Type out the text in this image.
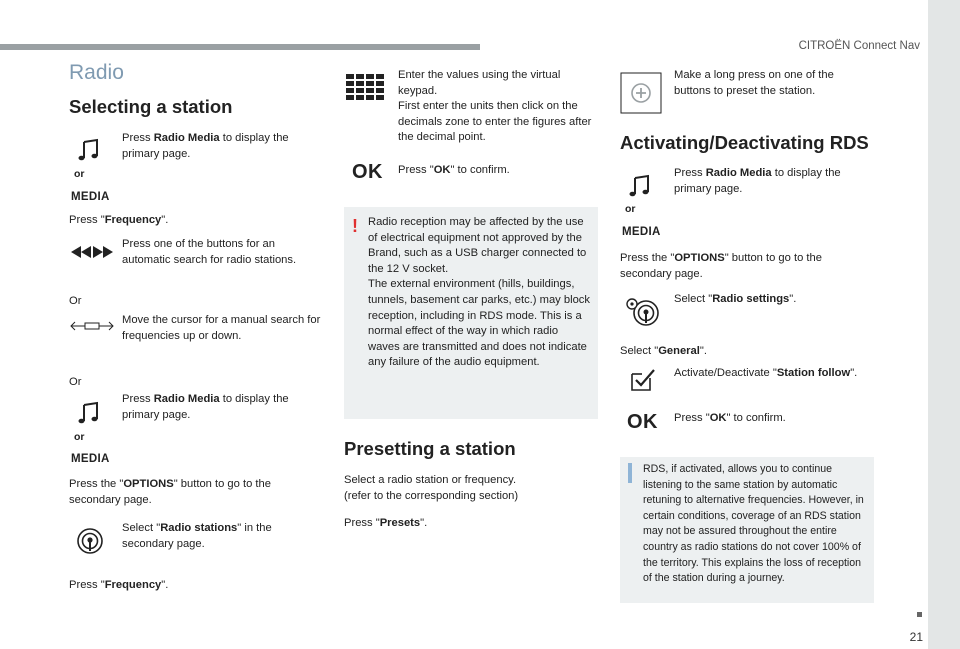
CITROËN Connect Nav
21
Radio
Selecting a station
or
MEDIA
Press Radio Media to display the primary page.
Press "Frequency".
Press one of the buttons for an automatic search for radio stations.
Or
Move the cursor for a manual search for frequencies up or down.
Or
or
MEDIA
Press Radio Media to display the primary page.
Press the "OPTIONS" button to go to the secondary page.
Select "Radio stations" in the secondary page.
Press "Frequency".
Enter the values using the virtual keypad.
First enter the units then click on the decimals zone to enter the figures after the decimal point.
OK Press "OK" to confirm.
! Radio reception may be affected by the use of electrical equipment not approved by the Brand, such as a USB charger connected to the 12 V socket.
The external environment (hills, buildings, tunnels, basement car parks, etc.) may block reception, including in RDS mode. This is a normal effect of the way in which radio waves are transmitted and does not indicate any failure of the audio equipment.
Presetting a station
Select a radio station or frequency.
(refer to the corresponding section)
Press "Presets".
Make a long press on one of the buttons to preset the station.
Activating/Deactivating RDS
or
MEDIA
Press Radio Media to display the primary page.
Press the "OPTIONS" button to go to the secondary page.
Select "Radio settings".
Select "General".
Activate/Deactivate "Station follow".
OK Press "OK" to confirm.
RDS, if activated, allows you to continue listening to the same station by automatic retuning to alternative frequencies. However, in certain conditions, coverage of an RDS station may not be assured throughout the entire country as radio stations do not cover 100% of the territory. This explains the loss of reception of the station during a journey.
